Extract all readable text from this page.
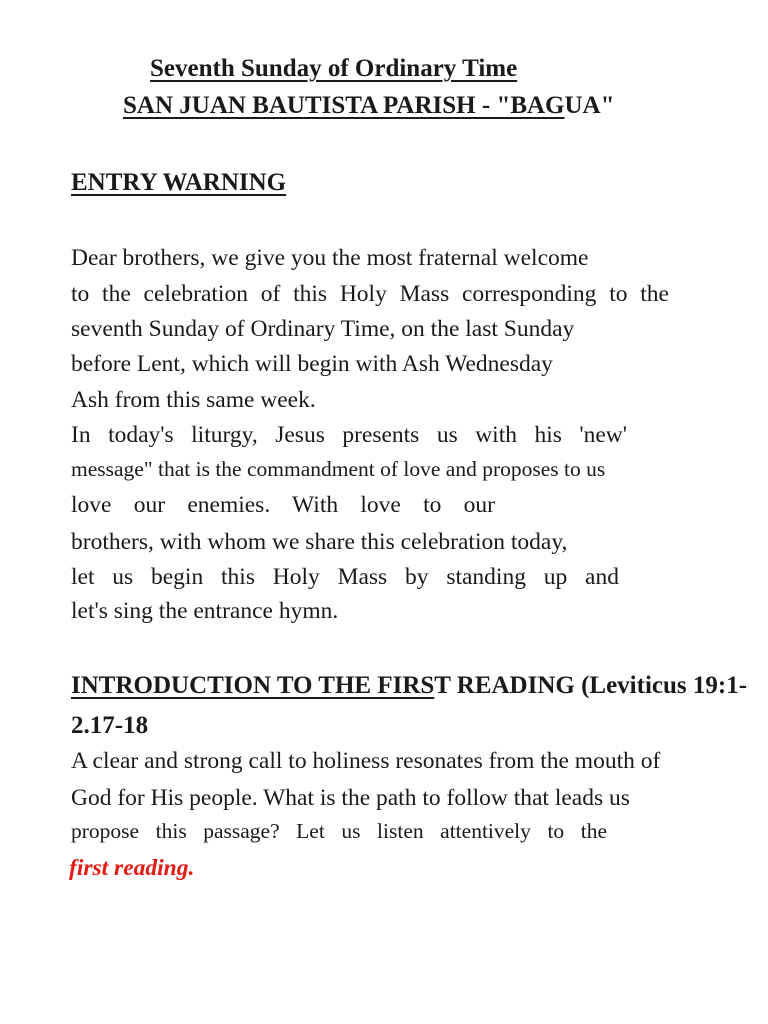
Seventh Sunday of Ordinary Time
SAN JUAN BAUTISTA PARISH - "BAGUA"
ENTRY WARNING
Dear brothers, we give you the most fraternal welcome
to the celebration of this Holy Mass corresponding to the
seventh Sunday of Ordinary Time, on the last Sunday
before Lent, which will begin with Ash Wednesday
Ash from this same week.
In today's liturgy, Jesus presents us with his 'new'
message" that is the commandment of love and proposes to us
love our enemies. With love to our
brothers, with whom we share this celebration today,
let us begin this Holy Mass by standing up and
let's sing the entrance hymn.
INTRODUCTION TO THE FIRST READING (Leviticus 19:1-
2.17-18
A clear and strong call to holiness resonates from the mouth of
God for His people. What is the path to follow that leads us
propose this passage? Let us listen attentively to the
first reading.
